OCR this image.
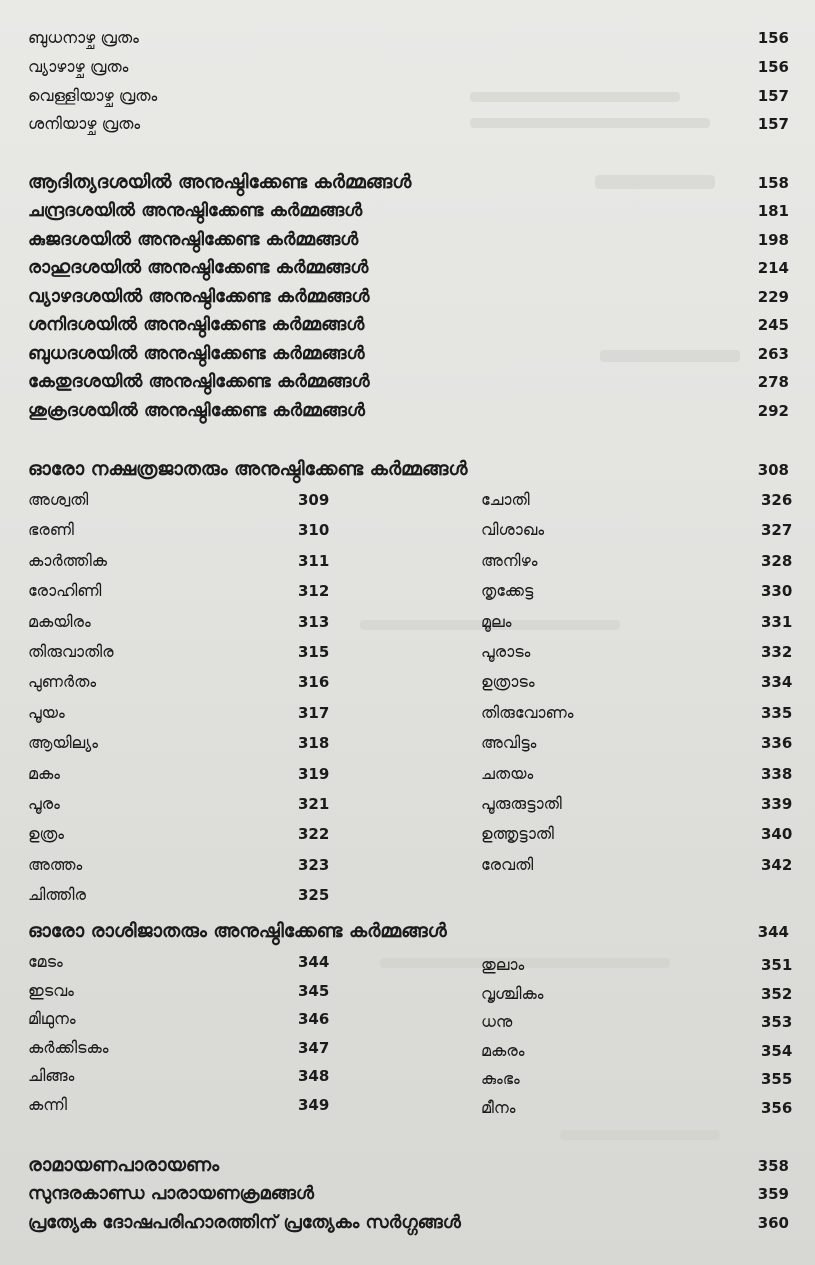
ബുധനാഴ്ച വ്രതം	156
വ്യാഴാഴ്ച വ്രതം	156
വെള്ളിയാഴ്ച വ്രതം	157
ശനിയാഴ്ച വ്രതം	157
ആദിത്യദശയിൽ അനുഷ്ഠിക്കേണ്ട കർമ്മങ്ങൾ	158
ചന്ദ്രദശയിൽ അനുഷ്ഠിക്കേണ്ട കർമ്മങ്ങൾ	181
കുജദശയിൽ അനുഷ്ഠിക്കേണ്ട കർമ്മങ്ങൾ	198
രാഹുദശയിൽ അനുഷ്ഠിക്കേണ്ട കർമ്മങ്ങൾ	214
വ്യാഴദശയിൽ അനുഷ്ഠിക്കേണ്ട കർമ്മങ്ങൾ	229
ശനിദശയിൽ അനുഷ്ഠിക്കേണ്ട കർമ്മങ്ങൾ	245
ബുധദശയിൽ അനുഷ്ഠിക്കേണ്ട കർമ്മങ്ങൾ	263
കേതുദശയിൽ അനുഷ്ഠിക്കേണ്ട കർമ്മങ്ങൾ	278
ശുക്രദശയിൽ അനുഷ്ഠിക്കേണ്ട കർമ്മങ്ങൾ	292
ഓരോ നക്ഷത്രജാതരും അനുഷ്ഠിക്കേണ്ട കർമ്മങ്ങൾ	308
അശ്വതി	309
ഭരണി	310
കാർത്തിക	311
രോഹിണി	312
മകയിരം	313
തിരുവാതിര	315
പുണർതം	316
പൂയം	317
ആയില്യം	318
മകം	319
പൂരം	321
ഉത്രം	322
അത്തം	323
ചിത്തിര	325
ചോതി	326
വിശാഖം	327
അനിഴം	328
തൃക്കേട്ട	330
മൂലം	331
പൂരാടം	332
ഉത്രാടം	334
തിരുവോണം	335
അവിട്ടം	336
ചതയം	338
പൂരുരുട്ടാതി	339
ഉത്തൃട്ടാതി	340
രേവതി	342
ഓരോ രാശിജാതരും അനുഷ്ഠിക്കേണ്ട കർമ്മങ്ങൾ	344
മേടം	344
ഇടവം	345
മിഥുനം	346
കർക്കിടകം	347
ചിങ്ങം	348
കന്നി	349
തുലാം	351
വൃശ്ചികം	352
ധനു	353
മകരം	354
കുംഭം	355
മീനം	356
രാമായണപാരായണം	358
സുന്ദരകാണ്ഡ പാരായണക്രമങ്ങൾ	359
പ്രത്യേക ദോഷപരിഹാരത്തിന് പ്രത്യേകം സർഗ്ഗങ്ങൾ	360
